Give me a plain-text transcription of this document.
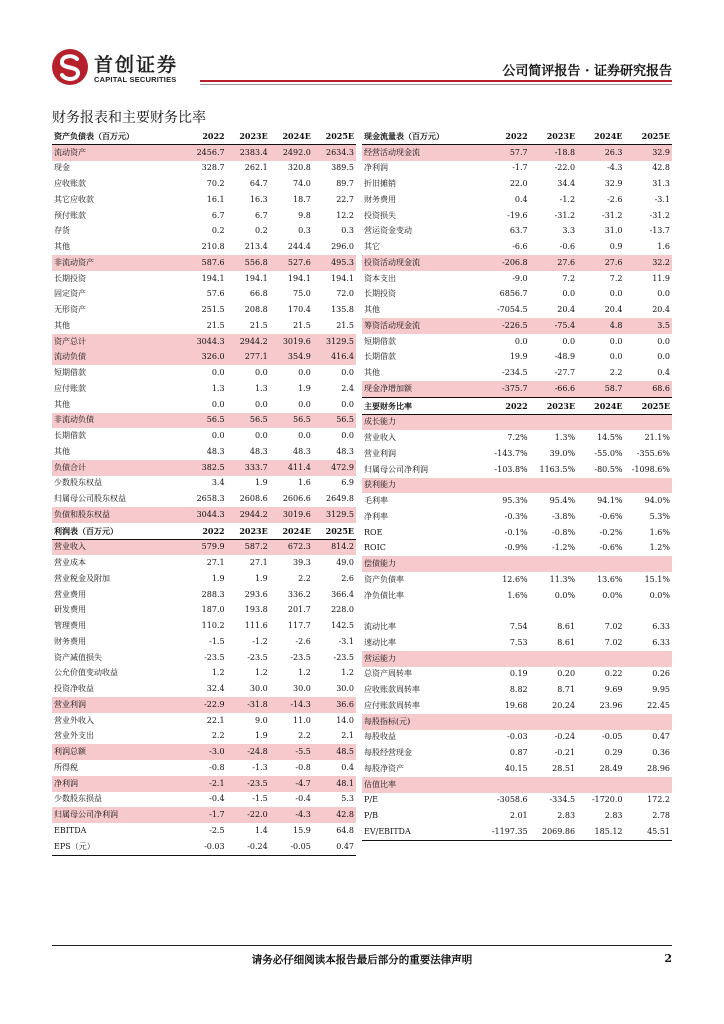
首创证券
CAPITAL SECURITIES
公司简评报告 · 证券研究报告
财务报表和主要财务比率
资产负债表（百万元）	2022	2023E	2024E	2025E
流动资产	2456.7	2383.4	2492.0	2634.3
现金	328.7	262.1	320.8	389.5
应收账款	70.2	64.7	74.0	89.7
其它应收款	16.1	16.3	18.7	22.7
预付账款	6.7	6.7	9.8	12.2
存货	0.2	0.2	0.3	0.3
其他	210.8	213.4	244.4	296.0
非流动资产	587.6	556.8	527.6	495.3
长期投资	194.1	194.1	194.1	194.1
固定资产	57.6	66.8	75.0	72.0
无形资产	251.5	208.8	170.4	135.8
其他	21.5	21.5	21.5	21.5
资产总计	3044.3	2944.2	3019.6	3129.5
流动负债	326.0	277.1	354.9	416.4
短期借款	0.0	0.0	0.0	0.0
应付账款	1.3	1.3	1.9	2.4
其他	0.0	0.0	0.0	0.0
非流动负债	56.5	56.5	56.5	56.5
长期借款	0.0	0.0	0.0	0.0
其他	48.3	48.3	48.3	48.3
负债合计	382.5	333.7	411.4	472.9
少数股东权益	3.4	1.9	1.6	6.9
归属母公司股东权益	2658.3	2608.6	2606.6	2649.8
负债和股东权益	3044.3	2944.2	3019.6	3129.5
利润表（百万元）	2022	2023E	2024E	2025E
营业收入	579.9	587.2	672.3	814.2
营业成本	27.1	27.1	39.3	49.0
营业税金及附加	1.9	1.9	2.2	2.6
营业费用	288.3	293.6	336.2	366.4
研发费用	187.0	193.8	201.7	228.0
管理费用	110.2	111.6	117.7	142.5
财务费用	-1.5	-1.2	-2.6	-3.1
资产减值损失	-23.5	-23.5	-23.5	-23.5
公允价值变动收益	1.2	1.2	1.2	1.2
投资净收益	32.4	30.0	30.0	30.0
营业利润	-22.9	-31.8	-14.3	36.6
营业外收入	22.1	9.0	11.0	14.0
营业外支出	2.2	1.9	2.2	2.1
利润总额	-3.0	-24.8	-5.5	48.5
所得税	-0.8	-1.3	-0.8	0.4
净利润	-2.1	-23.5	-4.7	48.1
少数股东损益	-0.4	-1.5	-0.4	5.3
归属母公司净利润	-1.7	-22.0	-4.3	42.8
EBITDA	-2.5	1.4	15.9	64.8
EPS（元）	-0.03	-0.24	-0.05	0.47
现金流量表（百万元）	2022	2023E	2024E	2025E
经营活动现金流	57.7	-18.8	26.3	32.9
净利润	-1.7	-22.0	-4.3	42.8
折旧摊销	22.0	34.4	32.9	31.3
财务费用	0.4	-1.2	-2.6	-3.1
投资损失	-19.6	-31.2	-31.2	-31.2
营运资金变动	63.7	3.3	31.0	-13.7
其它	-6.6	-0.6	0.9	1.6
投资活动现金流	-206.8	27.6	27.6	32.2
资本支出	-9.0	7.2	7.2	11.9
长期投资	6856.7	0.0	0.0	0.0
其他	-7054.5	20.4	20.4	20.4
筹资活动现金流	-226.5	-75.4	4.8	3.5
短期借款	0.0	0.0	0.0	0.0
长期借款	19.9	-48.9	0.0	0.0
其他	-234.5	-27.7	2.2	0.4
现金净增加额	-375.7	-66.6	58.7	68.6
主要财务比率	2022	2023E	2024E	2025E
成长能力				
营业收入	7.2%	1.3%	14.5%	21.1%
营业利润	-143.7%	39.0%	-55.0%	-355.6%
归属母公司净利润	-103.8%	1163.5%	-80.5%	-1098.6%
获利能力				
毛利率	95.3%	95.4%	94.1%	94.0%
净利率	-0.3%	-3.8%	-0.6%	5.3%
ROE	-0.1%	-0.8%	-0.2%	1.6%
ROIC	-0.9%	-1.2%	-0.6%	1.2%
偿债能力				
资产负债率	12.6%	11.3%	13.6%	15.1%
净负债比率	1.6%	0.0%	0.0%	0.0%

流动比率	7.54	8.61	7.02	6.33
速动比率	7.53	8.61	7.02	6.33
营运能力				
总资产周转率	0.19	0.20	0.22	0.26
应收账款周转率	8.82	8.71	9.69	9.95
应付账款周转率	19.68	20.24	23.96	22.45
每股指标(元)				
每股收益	-0.03	-0.24	-0.05	0.47
每股经营现金	0.87	-0.21	0.29	0.36
每股净资产	40.15	28.51	28.49	28.96
估值比率				
P/E	-3058.6	-334.5	-1720.0	172.2
P/B	2.01	2.83	2.83	2.78
EV/EBITDA	-1197.35	2069.86	185.12	45.51
请务必仔细阅读本报告最后部分的重要法律声明	2
